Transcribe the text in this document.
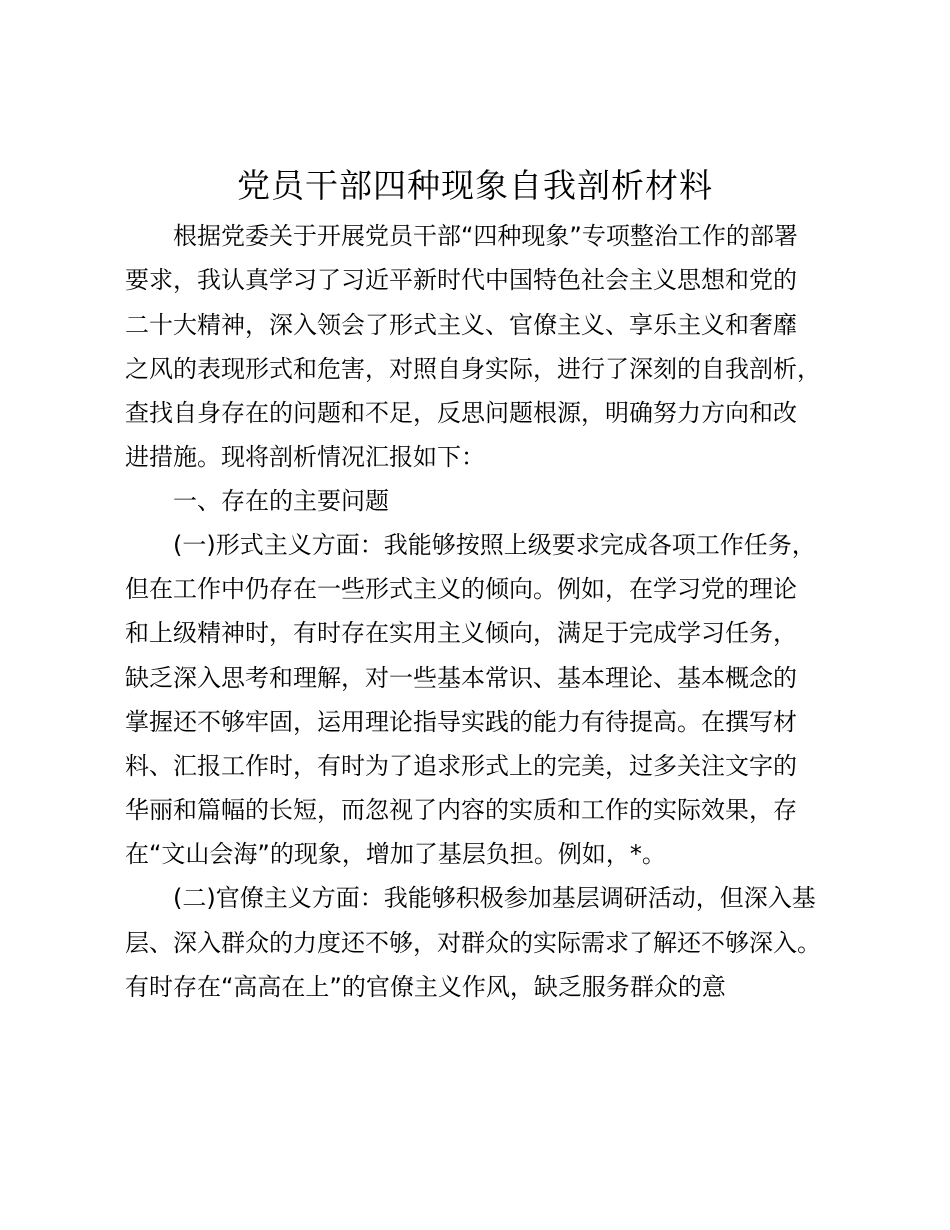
党员干部四种现象自我剖析材料

根据党委关于开展党员干部“四种现象”专项整治工作的部署

要求，我认真学习了习近平新时代中国特色社会主义思想和党的

二十大精神，深入领会了形式主义、官僚主义、享乐主义和奢靡

之风的表现形式和危害，对照自身实际，进行了深刻的自我剖析，

查找自身存在的问题和不足，反思问题根源，明确努力方向和改

进措施。现将剖析情况汇报如下：

一、存在的主要问题

(一)形式主义方面：我能够按照上级要求完成各项工作任务，

但在工作中仍存在一些形式主义的倾向。例如，在学习党的理论

和上级精神时，有时存在实用主义倾向，满足于完成学习任务，

缺乏深入思考和理解，对一些基本常识、基本理论、基本概念的

掌握还不够牢固，运用理论指导实践的能力有待提高。在撰写材

料、汇报工作时，有时为了追求形式上的完美，过多关注文字的

华丽和篇幅的长短，而忽视了内容的实质和工作的实际效果，存

在“文山会海”的现象，增加了基层负担。例如，*。

(二)官僚主义方面：我能够积极参加基层调研活动，但深入基

层、深入群众的力度还不够，对群众的实际需求了解还不够深入。

有时存在“高高在上”的官僚主义作风，缺乏服务群众的意
